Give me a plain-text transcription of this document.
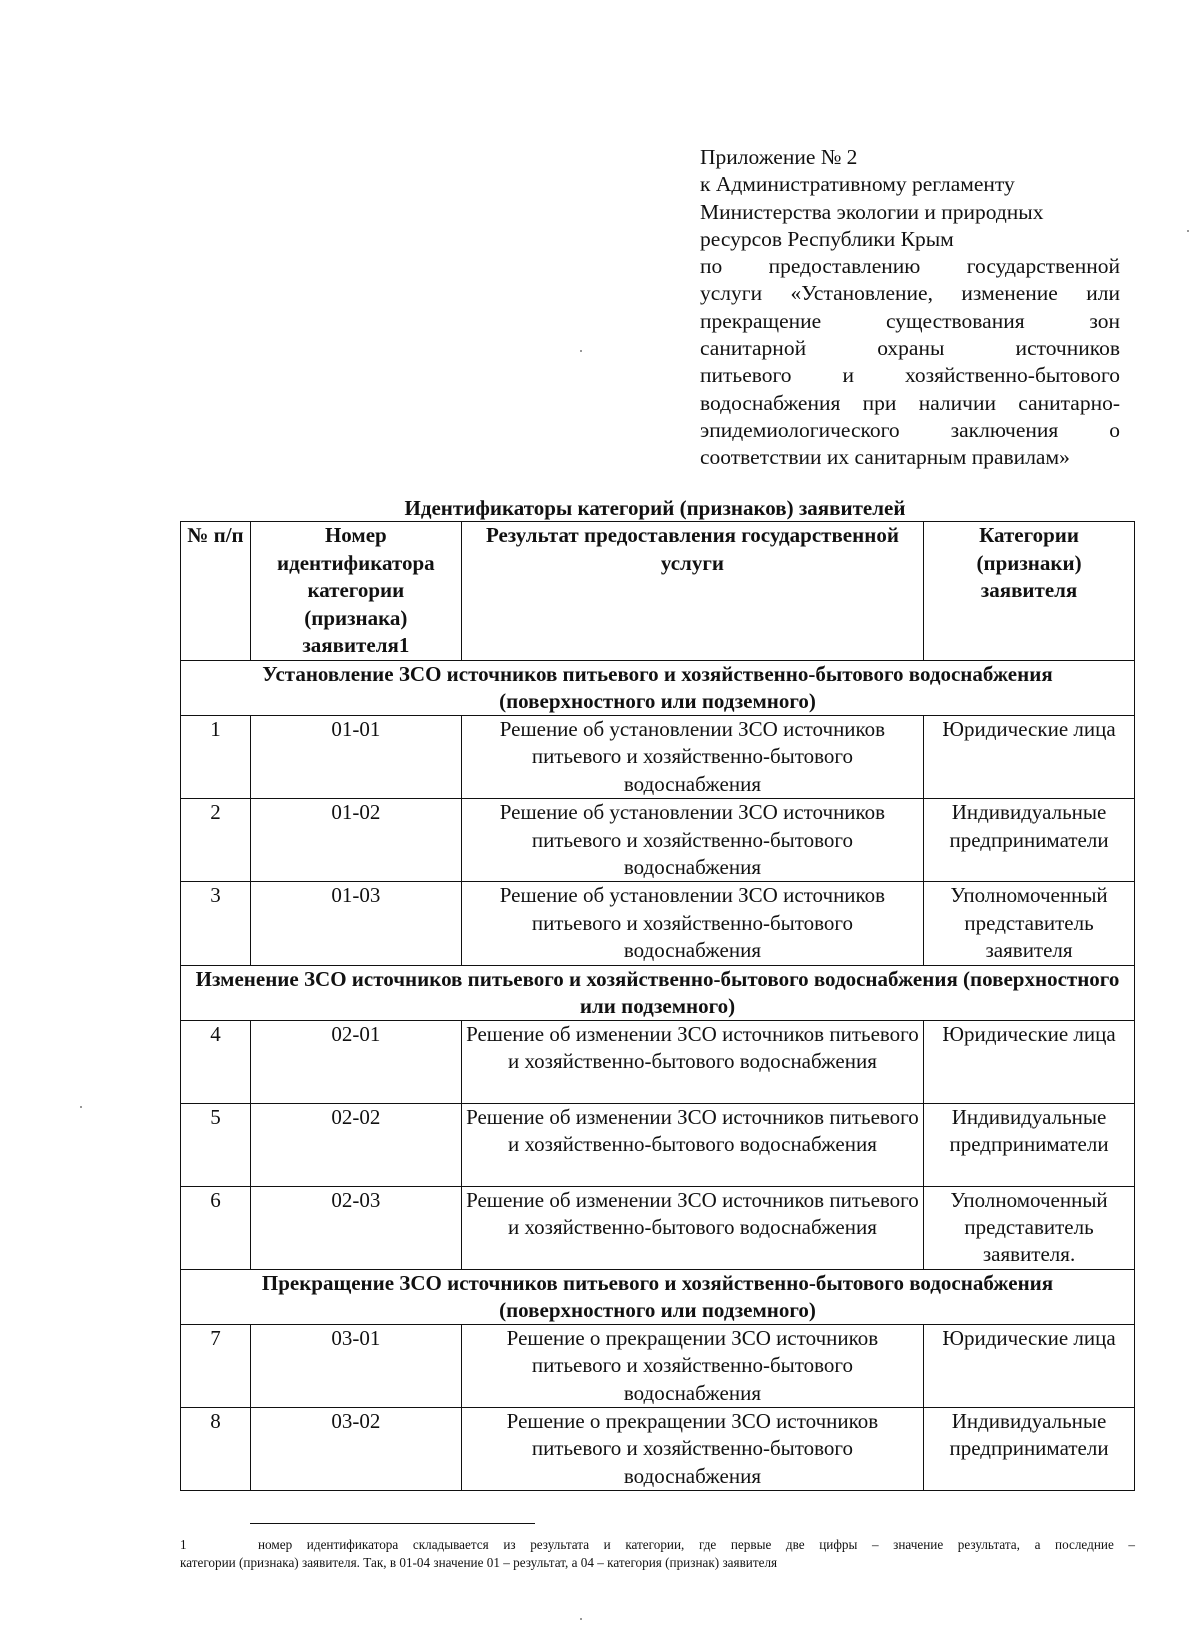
Приложение № 2
к Административному регламенту
Министерства экологии и природных
ресурсов Республики Крым
по предоставлению государственной
услуги «Установление, изменение или
прекращение существования зон
санитарной охраны источников
питьевого и хозяйственно-бытового
водоснабжения при наличии санитарно-
эпидемиологического заключения о
соответствии их санитарным правилам»
Идентификаторы категорий (признаков) заявителей
№ п/п	Номер идентификатора категории (признака) заявителя1	Результат предоставления государственной услуги	Категории (признаки) заявителя
Установление ЗСО источников питьевого и хозяйственно-бытового водоснабжения (поверхностного или подземного)			
1	01-01	Решение об установлении ЗСО источников питьевого и хозяйственно-бытового водоснабжения	Юридические лица
2	01-02	Решение об установлении ЗСО источников питьевого и хозяйственно-бытового водоснабжения	Индивидуальные предприниматели
3	01-03	Решение об установлении ЗСО источников питьевого и хозяйственно-бытового водоснабжения	Уполномоченный представитель заявителя
Изменение ЗСО источников питьевого и хозяйственно-бытового водоснабжения (поверхностного или подземного)			
4	02-01	Решение об изменении ЗСО источников питьевого и хозяйственно-бытового водоснабжения	Юридические лица
5	02-02	Решение об изменении ЗСО источников питьевого и хозяйственно-бытового водоснабжения	Индивидуальные предприниматели
6	02-03	Решение об изменении ЗСО источников питьевого и хозяйственно-бытового водоснабжения	Уполномоченный представитель заявителя.
Прекращение ЗСО источников питьевого и хозяйственно-бытового водоснабжения (поверхностного или подземного)			
7	03-01	Решение о прекращении ЗСО источников питьевого и хозяйственно-бытового водоснабжения	Юридические лица
8	03-02	Решение о прекращении ЗСО источников питьевого и хозяйственно-бытового водоснабжения	Индивидуальные предприниматели
1	номер идентификатора складывается из результата и категории, где первые две цифры – значение результата, а последние –
категории (признака) заявителя. Так, в 01-04 значение 01 – результат, а 04 – категория (признак) заявителя
